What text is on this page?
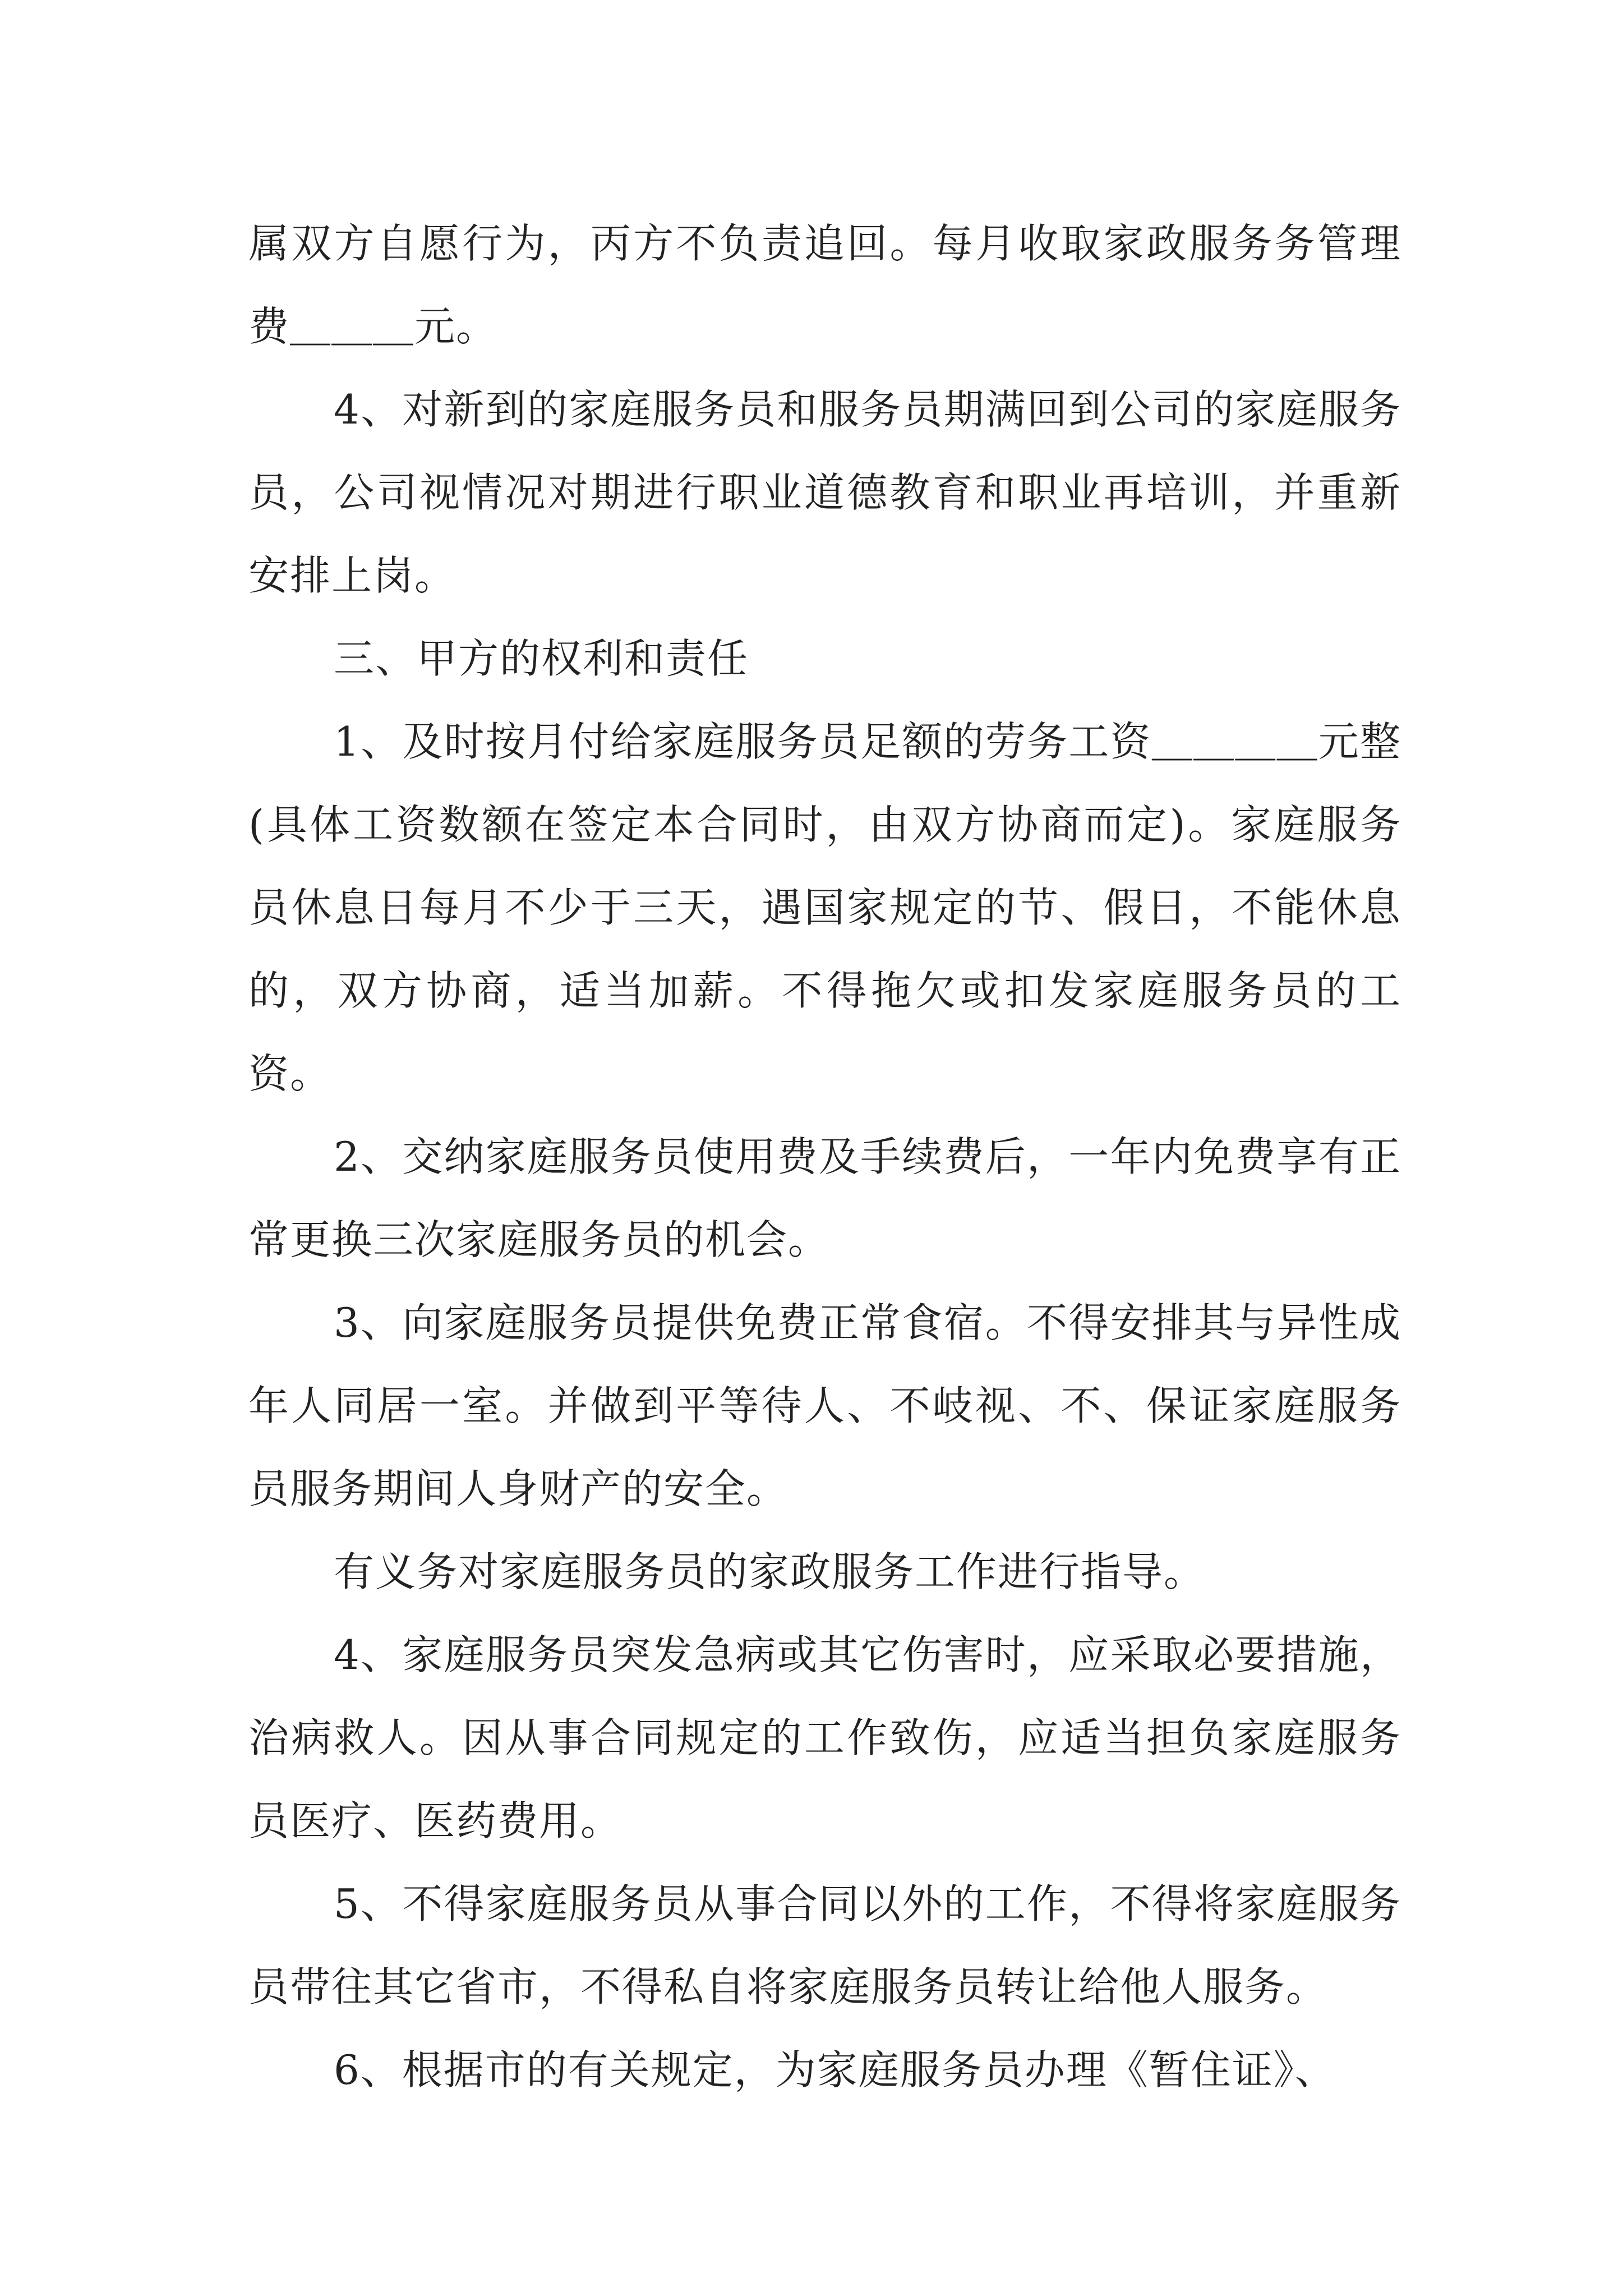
属双方自愿行为，丙方不负责追回。每月收取家政服务务管理费＿＿＿元。

4、对新到的家庭服务员和服务员期满回到公司的家庭服务员，公司视情况对期进行职业道德教育和职业再培训，并重新安排上岗。

三、甲方的权利和责任

1、及时按月付给家庭服务员足额的劳务工资＿＿＿＿元整(具体工资数额在签定本合同时，由双方协商而定)。家庭服务员休息日每月不少于三天，遇国家规定的节、假日，不能休息的，双方协商，适当加薪。不得拖欠或扣发家庭服务员的工资。

2、交纳家庭服务员使用费及手续费后，一年内免费享有正常更换三次家庭服务员的机会。

3、向家庭服务员提供免费正常食宿。不得安排其与异性成年人同居一室。并做到平等待人、不岐视、不、保证家庭服务员服务期间人身财产的安全。

有义务对家庭服务员的家政服务工作进行指导。

4、家庭服务员突发急病或其它伤害时，应采取必要措施，治病救人。因从事合同规定的工作致伤，应适当担负家庭服务员医疗、医药费用。

5、不得家庭服务员从事合同以外的工作，不得将家庭服务员带往其它省市，不得私自将家庭服务员转让给他人服务。

6、根据市的有关规定，为家庭服务员办理《暂住证》、
